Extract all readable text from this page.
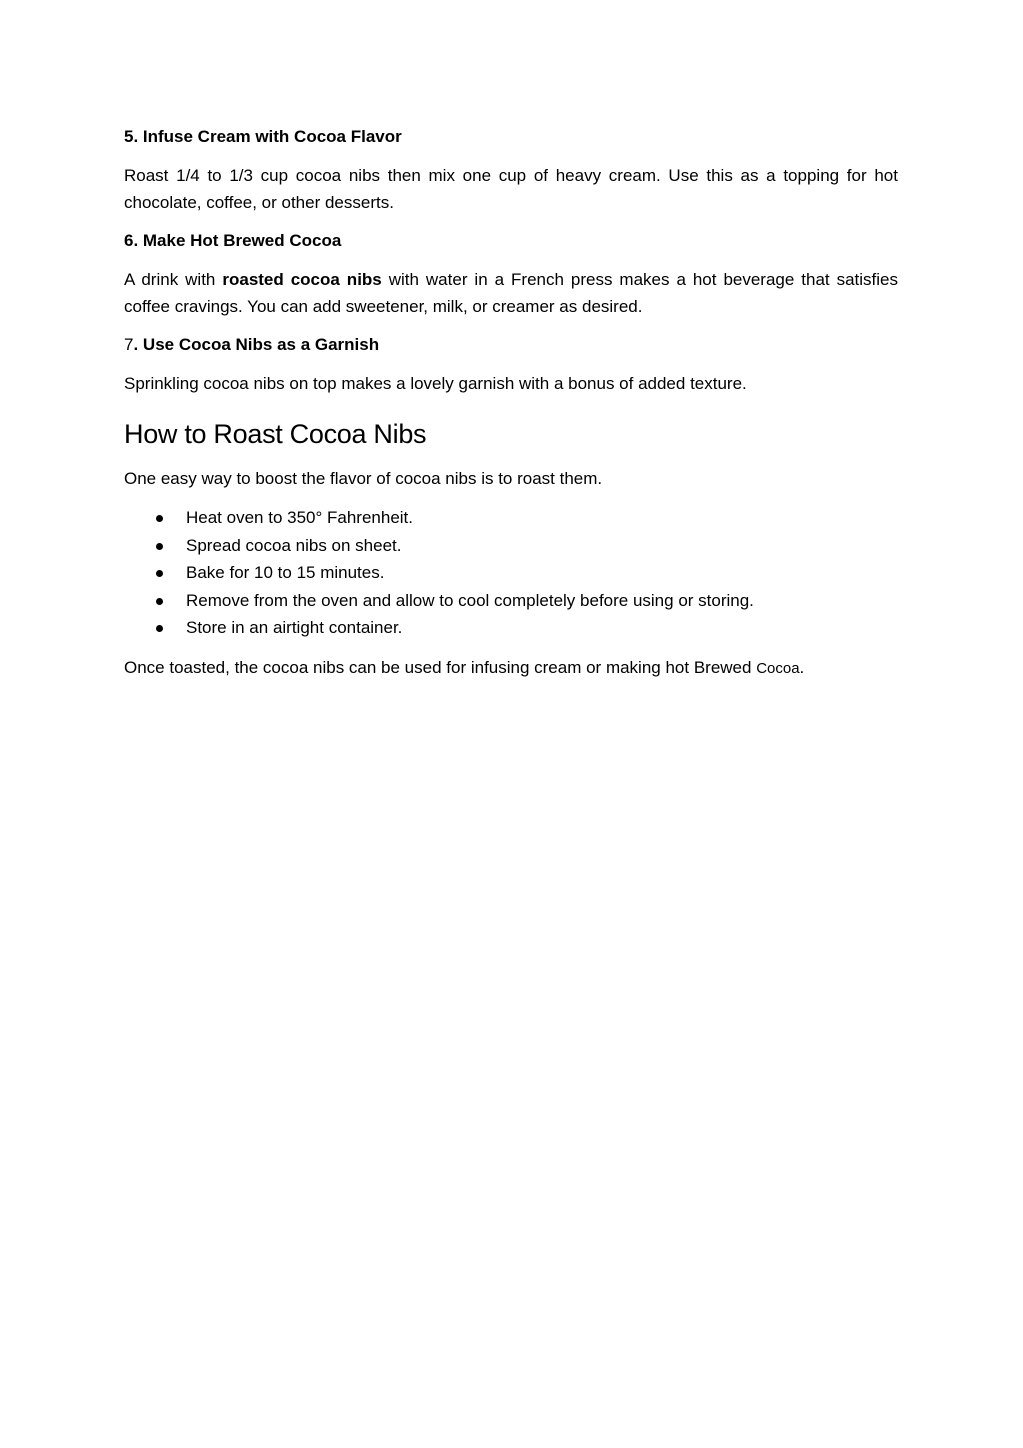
5. Infuse Cream with Cocoa Flavor

Roast 1/4 to 1/3 cup cocoa nibs then mix one cup of heavy cream. Use this as a topping for hot chocolate, coffee, or other desserts.

6. Make Hot Brewed Cocoa

A drink with roasted cocoa nibs with water in a French press makes a hot beverage that satisfies coffee cravings. You can add sweetener, milk, or creamer as desired.

7. Use Cocoa Nibs as a Garnish

Sprinkling cocoa nibs on top makes a lovely garnish with a bonus of added texture.

How to Roast Cocoa Nibs

One easy way to boost the flavor of cocoa nibs is to roast them.

Heat oven to 350° Fahrenheit.
Spread cocoa nibs on sheet.
Bake for 10 to 15 minutes.
Remove from the oven and allow to cool completely before using or storing.
Store in an airtight container.

Once toasted, the cocoa nibs can be used for infusing cream or making hot Brewed Cocoa.
